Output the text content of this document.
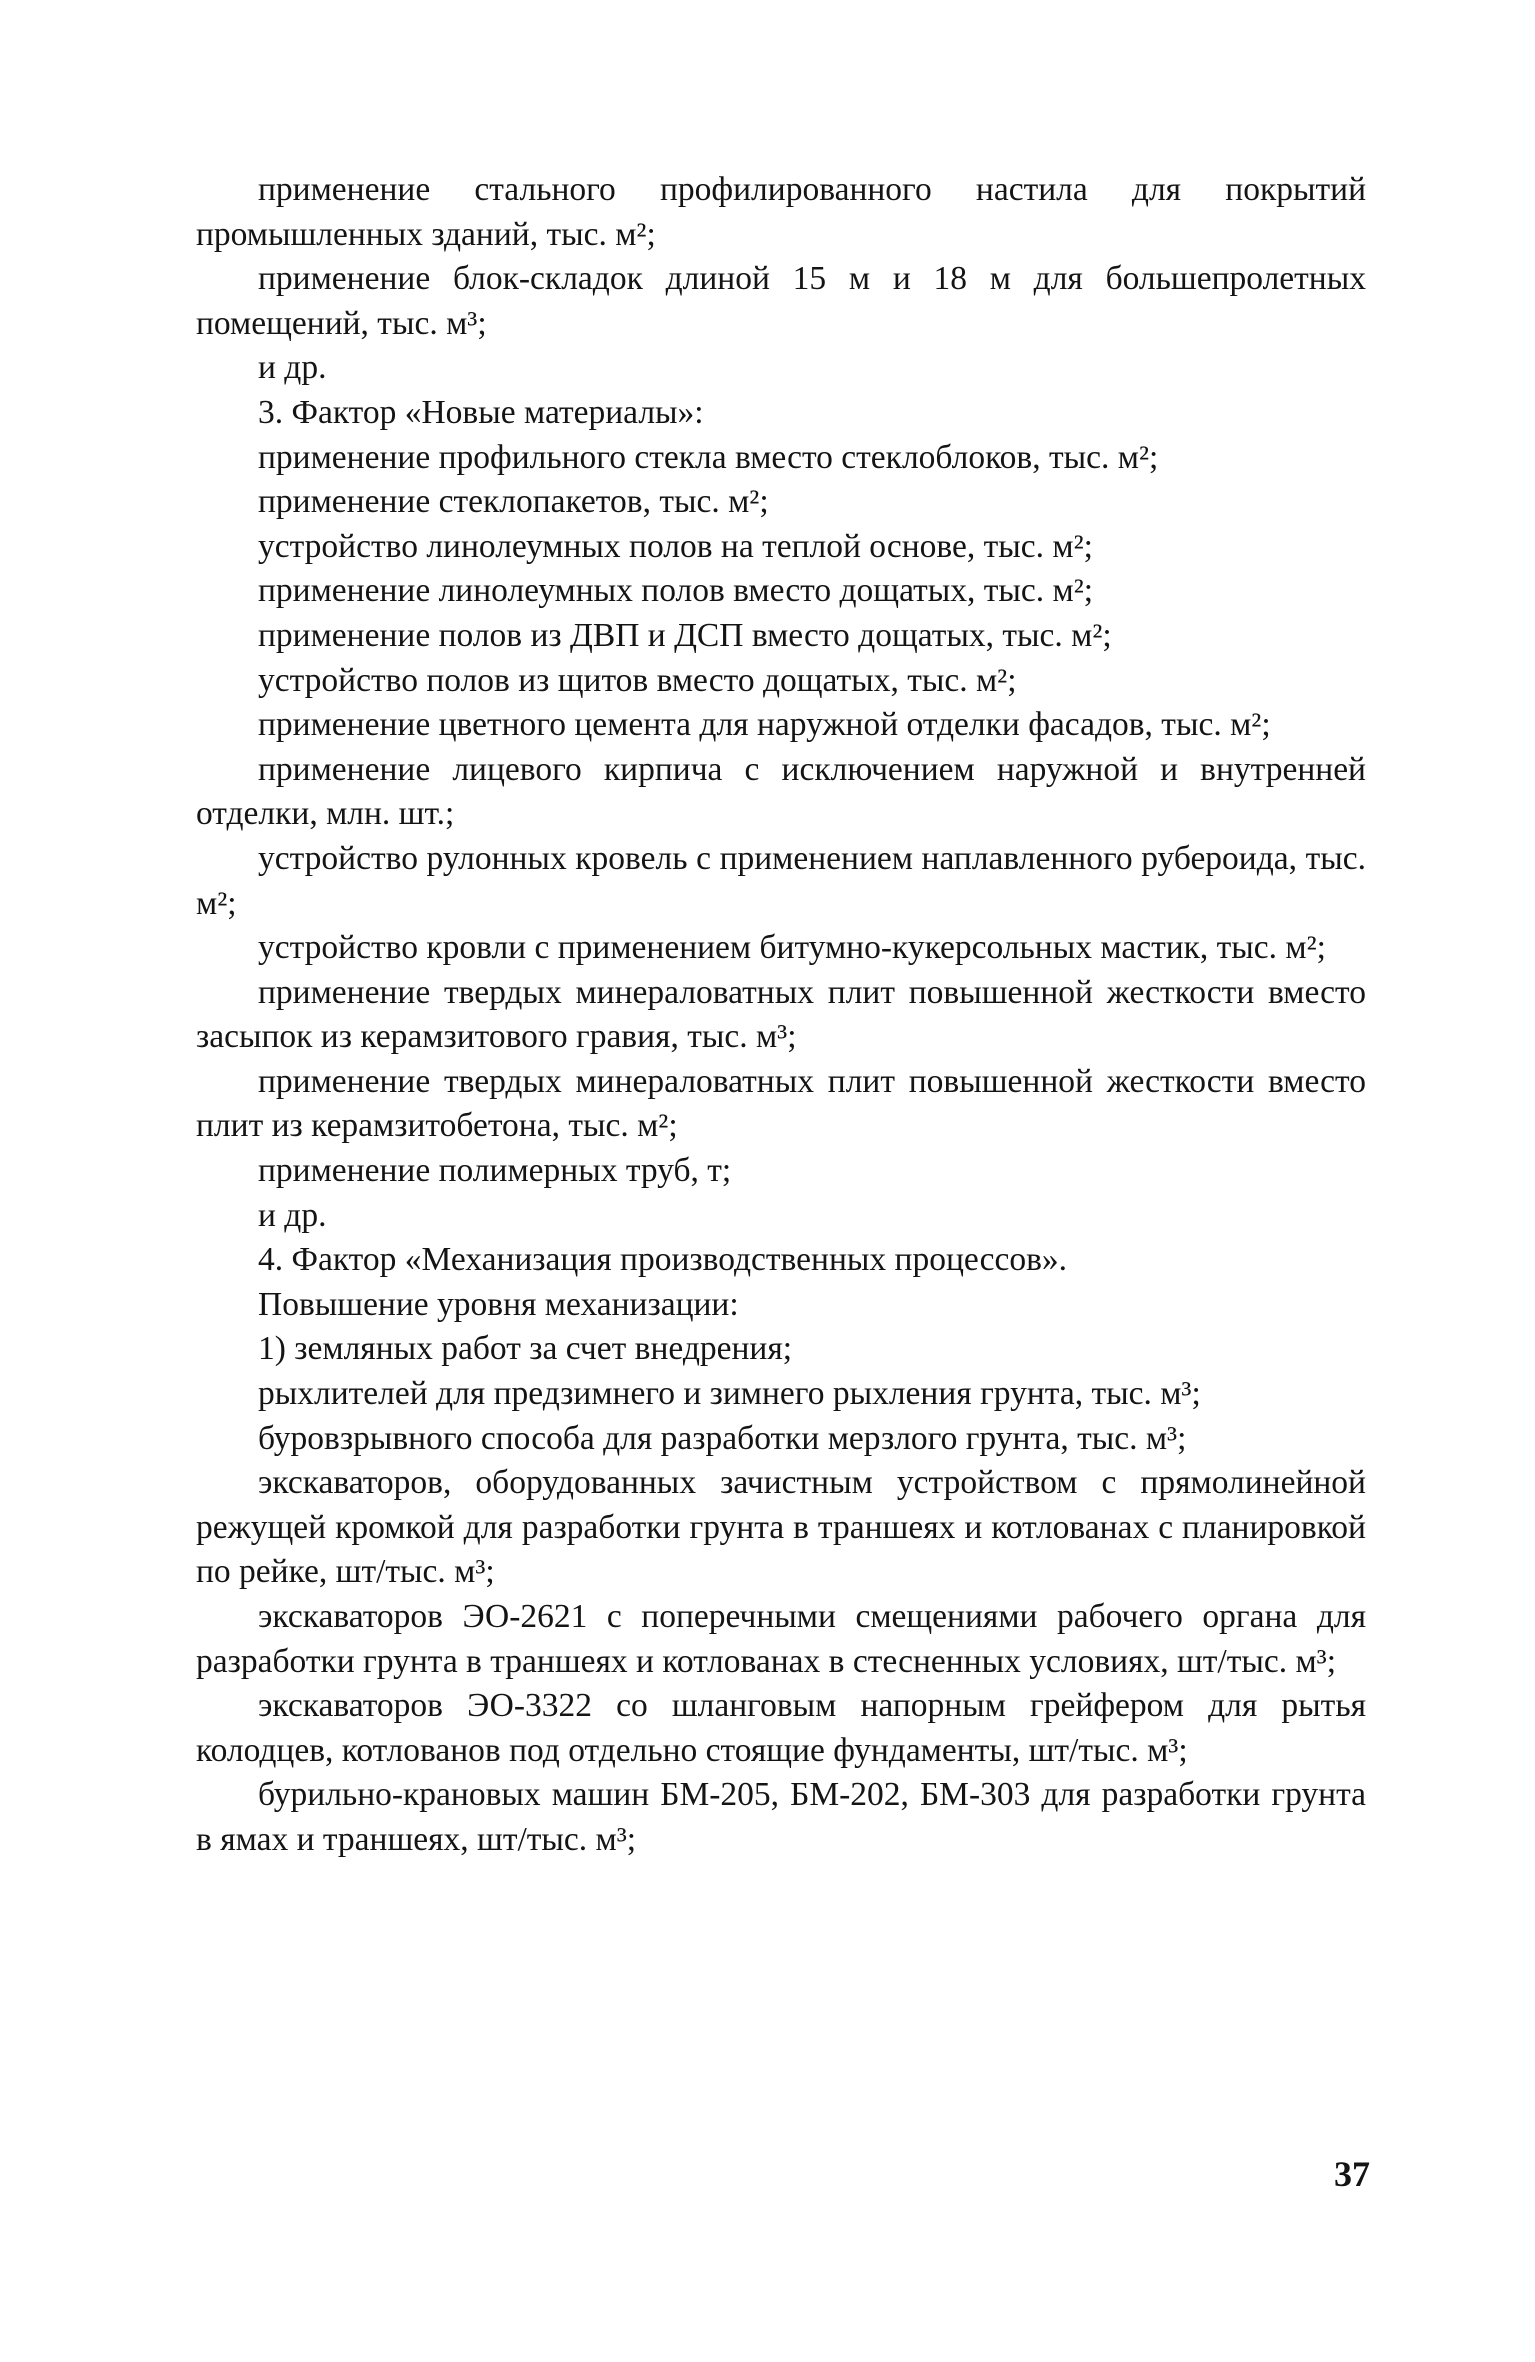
применение стального профилированного настила для покрытий промышленных зданий, тыс. м²;

применение блок-складок длиной 15 м и 18 м для большепролетных помещений, тыс. м³;

и др.

3. Фактор «Новые материалы»:

применение профильного стекла вместо стеклоблоков, тыс. м²;

применение стеклопакетов, тыс. м²;

устройство линолеумных полов на теплой основе, тыс. м²;

применение линолеумных полов вместо дощатых, тыс. м²;

применение полов из ДВП и ДСП вместо дощатых, тыс. м²;

устройство полов из щитов вместо дощатых, тыс. м²;

применение цветного цемента для наружной отделки фасадов, тыс. м²;

применение лицевого кирпича с исключением наружной и внутренней отделки, млн. шт.;

устройство рулонных кровель с применением наплавленного рубероида, тыс. м²;

устройство кровли с применением битумно-кукерсольных мастик, тыс. м²;

применение твердых минераловатных плит повышенной жесткости вместо засыпок из керамзитового гравия, тыс. м³;

применение твердых минераловатных плит повышенной жесткости вместо плит из керамзитобетона, тыс. м²;

применение полимерных труб, т;

и др.

4. Фактор «Механизация производственных процессов».

Повышение уровня механизации:

1) земляных работ за счет внедрения;

рыхлителей для предзимнего и зимнего рыхления грунта, тыс. м³;

буровзрывного способа для разработки мерзлого грунта, тыс. м³;

экскаваторов, оборудованных зачистным устройством с прямолинейной режущей кромкой для разработки грунта в траншеях и котлованах с планировкой по рейке, шт/тыс. м³;

экскаваторов ЭО-2621 с поперечными смещениями рабочего органа для разработки грунта в траншеях и котлованах в стесненных условиях, шт/тыс. м³;

экскаваторов ЭО-3322 со шланговым напорным грейфером для рытья колодцев, котлованов под отдельно стоящие фундаменты, шт/тыс. м³;

бурильно-крановых машин БМ-205, БМ-202, БМ-303 для разработки грунта в ямах и траншеях, шт/тыс. м³;

37
